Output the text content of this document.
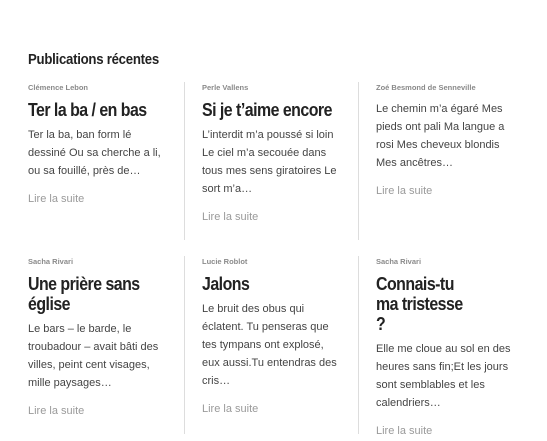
Publications récentes
Clémence Lebon
Ter la ba / en bas

Ter la ba, ban form lé dessiné Ou sa cherche a li, ou sa fouillé, près de…

Lire la suite
Perle Vallens
Si je t’aime encore

L’interdit m’a poussé si loin Le ciel m’a secouée dans tous mes sens giratoires Le sort m’a…

Lire la suite
Zoé Besmond de Senneville

Le chemin m’a égaré Mes pieds ont pali Ma langue a rosi Mes cheveux blondis Mes ancêtres…

Lire la suite
Sacha Rivari
Une prière sans église

Le bars – le barde, le troubadour – avait bâti des villes, peint cent visages, mille paysages…

Lire la suite
Lucie Roblot
Jalons

Le bruit des obus qui éclatent. Tu penseras que tes tympans ont explosé, eux aussi.Tu entendras des cris…

Lire la suite
Sacha Rivari
Connais-tu ma tristesse ?

Elle me cloue au sol en des heures sans fin;Et les jours sont semblables et les calendriers…

Lire la suite
